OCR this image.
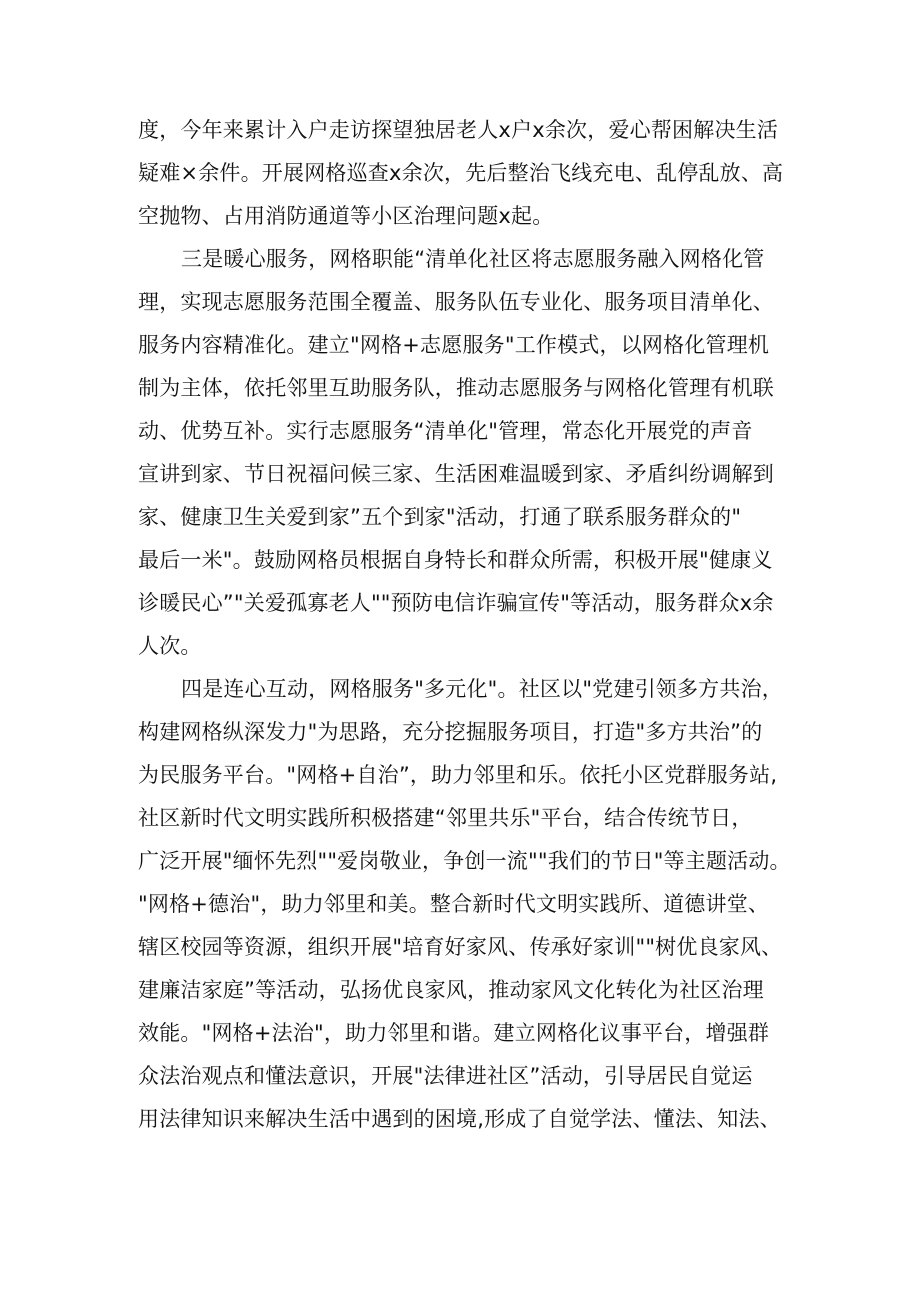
度，今年来累计入户走访探望独居老人x户x余次，爱心帮困解决生活
疑难×余件。开展网格巡查x余次，先后整治飞线充电、乱停乱放、高
空抛物、占用消防通道等小区治理问题x起。
三是暖心服务，网格职能“清单化社区将志愿服务融入网格化管
理，实现志愿服务范围全覆盖、服务队伍专业化、服务项目清单化、
服务内容精准化。建立"网格+志愿服务"工作模式，以网格化管理机
制为主体，依托邻里互助服务队，推动志愿服务与网格化管理有机联
动、优势互补。实行志愿服务“清单化"管理，常态化开展党的声音
宣讲到家、节日祝福问候三家、生活困难温暖到家、矛盾纠纷调解到
家、健康卫生关爱到家”五个到家"活动，打通了联系服务群众的"
最后一米"。鼓励网格员根据自身特长和群众所需，积极开展"健康义
诊暖民心”"关爱孤寡老人""预防电信诈骗宣传"等活动，服务群众x余
人次。
四是连心互动，网格服务"多元化"。社区以"党建引领多方共治，
构建网格纵深发力"为思路，充分挖掘服务项目，打造"多方共治”的
为民服务平台。"网格+自治”，助力邻里和乐。依托小区党群服务站,
社区新时代文明实践所积极搭建“邻里共乐"平台，结合传统节日，
广泛开展"缅怀先烈""爱岗敬业，争创一流""我们的节日"等主题活动。
"网格+德治"，助力邻里和美。整合新时代文明实践所、道德讲堂、
辖区校园等资源，组织开展"培育好家风、传承好家训""树优良家风、
建廉洁家庭”等活动，弘扬优良家风，推动家风文化转化为社区治理
效能。"网格+法治"，助力邻里和谐。建立网格化议事平台，增强群
众法治观点和懂法意识，开展"法律进社区”活动，引导居民自觉运
用法律知识来解决生活中遇到的困境,形成了自觉学法、懂法、知法、
